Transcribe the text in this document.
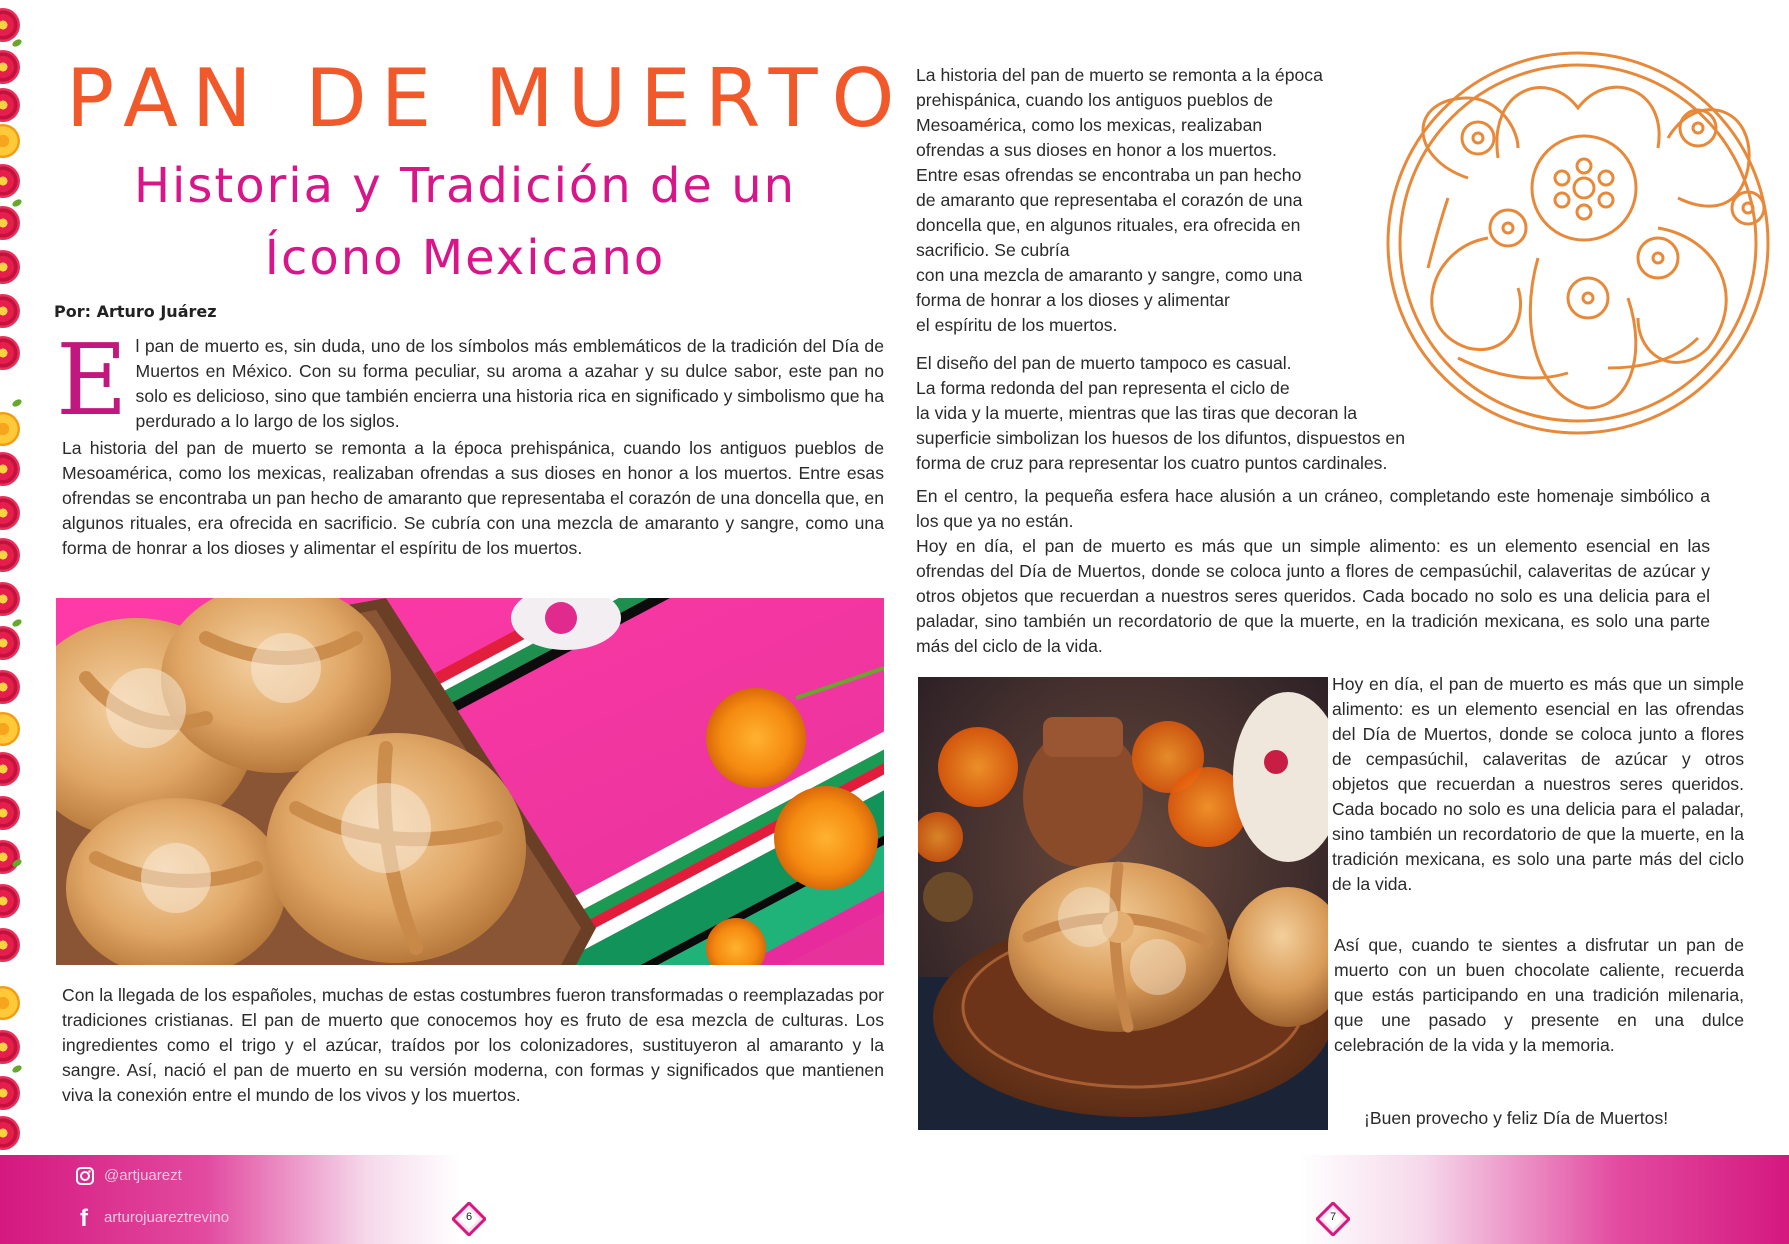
PAN DE MUERTO
Historia y Tradición de un Ícono Mexicano
Por: Arturo Juárez
E l pan de muerto es, sin duda, uno de los símbolos más emblemáticos de la tradición del Día de Muertos en México. Con su forma peculiar, su aroma a azahar y su dulce sabor, este pan no solo es delicioso, sino que también encierra una historia rica en significado y simbolismo que ha perdurado a lo largo de los siglos.
La historia del pan de muerto se remonta a la época prehispánica, cuando los antiguos pueblos de Mesoamérica, como los mexicas, realizaban ofrendas a sus dioses en honor a los muertos. Entre esas ofrendas se encontraba un pan hecho de amaranto que representaba el corazón de una doncella que, en algunos rituales, era ofrecida en sacrificio. Se cubría con una mezcla de amaranto y sangre, como una forma de honrar a los dioses y alimentar el espíritu de los muertos.
Con la llegada de los españoles, muchas de estas costumbres fueron transformadas o reemplazadas por tradiciones cristianas. El pan de muerto que conocemos hoy es fruto de esa mezcla de culturas. Los ingredientes como el trigo y el azúcar, traídos por los colonizadores, sustituyeron al amaranto y la sangre. Así, nació el pan de muerto en su versión moderna, con formas y significados que mantienen viva la conexión entre el mundo de los vivos y los muertos.
La historia del pan de muerto se remonta a la época
prehispánica, cuando los antiguos pueblos de
Mesoamérica, como los mexicas, realizaban
ofrendas a sus dioses en honor a los muertos.
Entre esas ofrendas se encontraba un pan hecho
de amaranto que representaba el corazón de una
doncella que, en algunos rituales, era ofrecida en
sacrificio. Se cubría
con una mezcla de amaranto y sangre, como una
forma de honrar a los dioses y alimentar
el espíritu de los muertos.
El diseño del pan de muerto tampoco es casual.
La forma redonda del pan representa el ciclo de
la vida y la muerte, mientras que las tiras que decoran la
superficie simbolizan los huesos de los difuntos, dispuestos en
forma de cruz para representar los cuatro puntos cardinales.
En el centro, la pequeña esfera hace alusión a un cráneo, completando este homenaje simbólico a los que ya no están.
Hoy en día, el pan de muerto es más que un simple alimento: es un elemento esencial en las ofrendas del Día de Muertos, donde se coloca junto a flores de cempasúchil, calaveritas de azúcar y otros objetos que recuerdan a nuestros seres queridos. Cada bocado no solo es una delicia para el paladar, sino también un recordatorio de que la muerte, en la tradición mexicana, es solo una parte más del ciclo de la vida.
Hoy en día, el pan de muerto es más que un simple alimento: es un elemento esencial en las ofrendas del Día de Muertos, donde se coloca junto a flores de cempasúchil, calaveritas de azúcar y otros objetos que recuerdan a nuestros seres queridos. Cada bocado no solo es una delicia para el paladar, sino también un recordatorio de que la muerte, en la tradición mexicana, es solo una parte más del ciclo de la vida.
Así que, cuando te sientes a disfrutar un pan de muerto con un buen chocolate caliente, recuerda que estás participando en una tradición milenaria, que une pasado y presente en una dulce celebración de la vida y la memoria.
¡Buen provecho y feliz Día de Muertos!
@artjuarezt
f arturojuareztrevino	6	7
